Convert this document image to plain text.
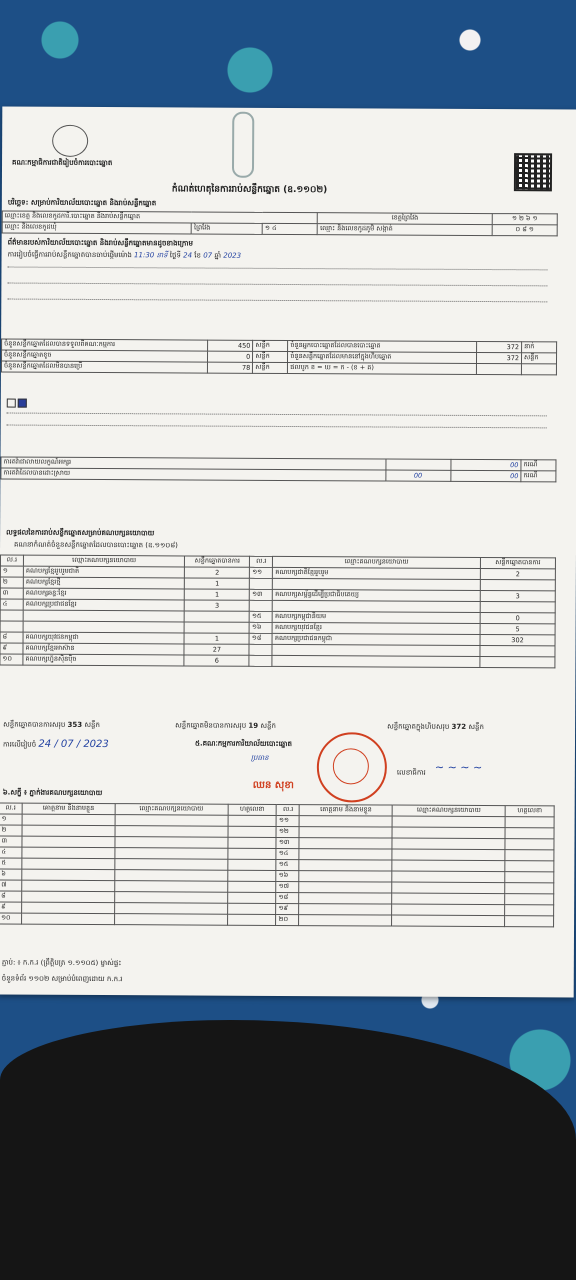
គណៈកម្មាធិការជាតិរៀបចំការបោះឆ្នោត
កំណត់ហេតុនៃការរាប់សន្លឹកឆ្នោត (ឧ.១១០២)
បរិច្ឆេទ: សម្រាប់ការិយាល័យបោះឆ្នោត និងរាប់សន្លឹកឆ្នោត
ឈ្មោះខេត្ត និងលេខកូដការិ.បោះឆ្នោត និងរាប់សន្លឹកឆ្នោត			ខេត្តព្រៃវែង	១ ២ ៦ ១
ឈ្មោះ និងលេខកូដឃុំ	ព្រៃវែង	១ ៤	ឈ្មោះ និងលេខកូដភូមិ សង្កាត់	០ ៨ ១
ព័ត៌មានរបស់ការិយាល័យបោះឆ្នោត និងរាប់សន្លឹកឆ្នោតមានដូចខាងក្រោម
ការរៀបចំធ្វើការរាប់សន្លឹកឆ្នោតបានចាប់ផ្ដើមម៉ោង 11:30 នាទី ថ្ងៃទី 24 ខែ 07 ឆ្នាំ 2023
ចំនួនសន្លឹកឆ្នោតដែលបានទទួលពីគណៈកម្មការ	450	សន្លឹក	ចំនួនអ្នកបោះឆ្នោតដែលបានបោះឆ្នោត	372	នាក់
ចំនួនសន្លឹកឆ្នោតខូច	0	សន្លឹក	ចំនួនសន្លឹកឆ្នោតដែលមាននៅក្នុងហិបឆ្នោត	372	សន្លឹក
ចំនួនសន្លឹកឆ្នោតដែលមិនបានប្រើ	78	សន្លឹក	ផលបូក ខ = ឃ = ក - (ខ + គ)		

ការតវ៉ាជាលាយលក្ខណ៍អក្សរ		00	ករណី
ការតវ៉ាដែលបានដោះស្រាយ	00	00	ករណី
លទ្ធផលនៃការរាប់សន្លឹកឆ្នោតសម្រាប់គណបក្សនយោបាយ
គណនាកំណត់ចំនួនសន្លឹកឆ្នោតដែលបានបោះឆ្នោត (ឧ.១១០៨)
ល.រ	ឈ្មោះគណបក្សនយោបាយ	សន្លឹកឆ្នោតបានការ	ល.រ	ឈ្មោះគណបក្សនយោបាយ	សន្លឹកឆ្នោតបានការ
១	គណបក្សខ្មែររួបរួមជាតិ	2	១១	គណបក្សជាតិខ្មែររួបរួម	2
២	គណបក្សខ្មែរថ្មី	1			
៣	គណបក្សឆន្ទៈខ្មែរ	1	១៣	គណបក្សសម្ព័ន្ធដើម្បីប្រជាធិបតេយ្យ	3
៤	គណបក្សប្រជាជនខ្មែរ	3			
			១៥	គណបក្សកម្ពុជានិយម	0
			១៦	គណបក្សយុវជនខ្មែរ	5
៨	គណបក្សយុវជនកម្ពុជា	1	១៨	គណបក្សប្រជាជនកម្ពុជា	302
៩	គណបក្សខ្មែរអាស៊ាន	27			
១០	គណបក្សហ្វ៊ុនស៊ិនប៉ិច	6			
សន្លឹកឆ្នោតបានការសរុប 353 សន្លឹក	សន្លឹកឆ្នោតមិនបានការសរុប 19 សន្លឹក	សន្លឹកឆ្នោតក្នុងហិបសរុប 372 សន្លឹក
ការលើរៀបចំ 24 / 07 / 2023	៥.គណៈកម្មការការិយាល័យបោះឆ្នោត
ប្រធាន
ឈន សុខា
លេខាធិការ ~ ~ ~ ~
៦.សក្ខី ៖ ភ្នាក់ងារគណបក្សនយោបាយ
ល.រ	គោត្តនាម និងនាមខ្លួន	ឈ្មោះគណបក្សនយោបាយ	ហត្ថលេខា	ល.រ	គោត្តនាម និងនាមខ្លួន	ឈ្មោះគណបក្សនយោបាយ	ហត្ថលេខា
១				១១			
២				១២			
៣				១៣			
៤				១៤			
៥				១៥			
៦				១៦			
៧				១៧			
៨				១៨			
៩				១៩			
១០				២០			
ភ្ជាប់: ៖ ក.ក.រ (ព្រឹត្តិបត្រ ១.១១០៥) ម្ចាស់ផ្ទះ
ចំនួនទំព័រ ១១០២ សម្រាប់បំពេញដោយ ក.ក.រ
